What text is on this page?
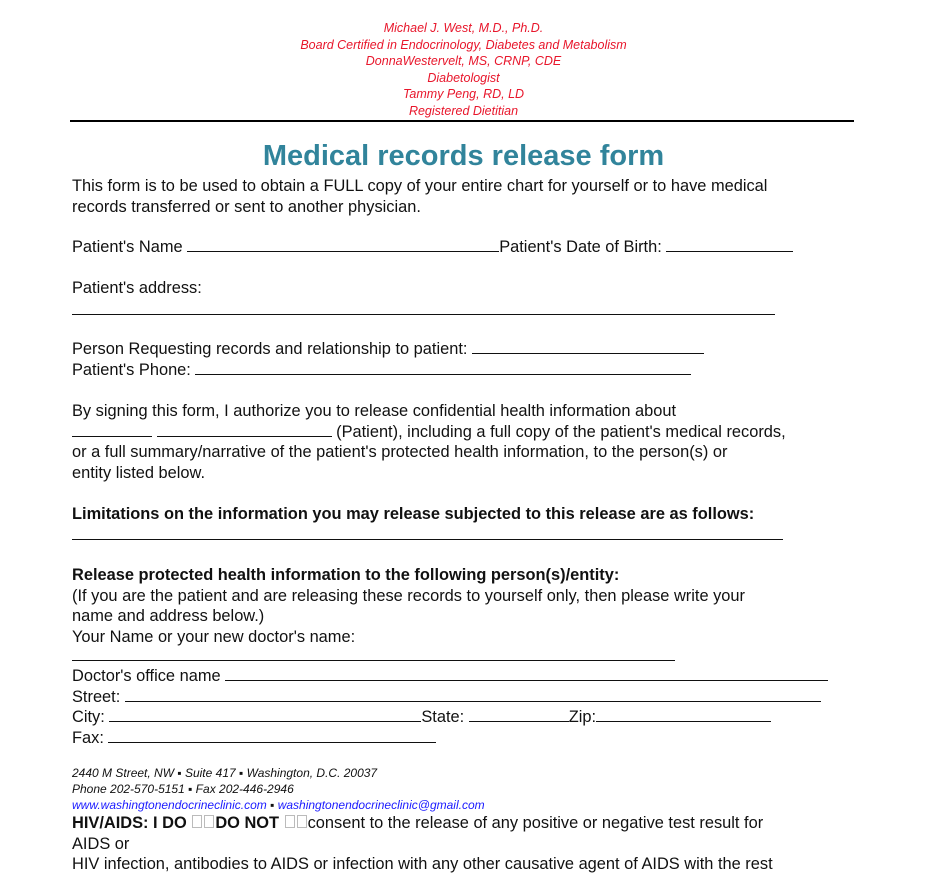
Michael J. West, M.D., Ph.D.
Board Certified in Endocrinology, Diabetes and Metabolism
DonnaWestervelt, MS, CRNP, CDE
Diabetologist
Tammy Peng, RD, LD
Registered Dietitian
Medical records release form
This form is to be used to obtain a FULL copy of your entire chart for yourself or to have medical
records transferred or sent to another physician.
Patient's Name	Patient's Date of Birth:
Patient's address:
Person Requesting records and relationship to patient:
Patient's Phone:
By signing this form, I authorize you to release confidential health information about
(Patient), including a full copy of the patient's medical records,
or a full summary/narrative of the patient's protected health information, to the person(s) or
entity listed below.
Limitations on the information you may release subjected to this release are as follows:
Release protected health information to the following person(s)/entity:
(If you are the patient and are releasing these records to yourself only, then please write your
name and address below.)
Your Name or your new doctor's name:
Doctor's office name
Street:
City:	State:	Zip:
Fax:
2440 M Street, NW ▪ Suite 417 ▪ Washington, D.C. 20037
Phone 202-570-5151 ▪ Fax 202-446-2946
www.washingtonendocrineclinic.com ▪ washingtonendocrineclinic@gmail.com
HIV/AIDS: I DO DO NOT consent to the release of any positive or negative test result for
AIDS or
HIV infection, antibodies to AIDS or infection with any other causative agent of AIDS with the rest
